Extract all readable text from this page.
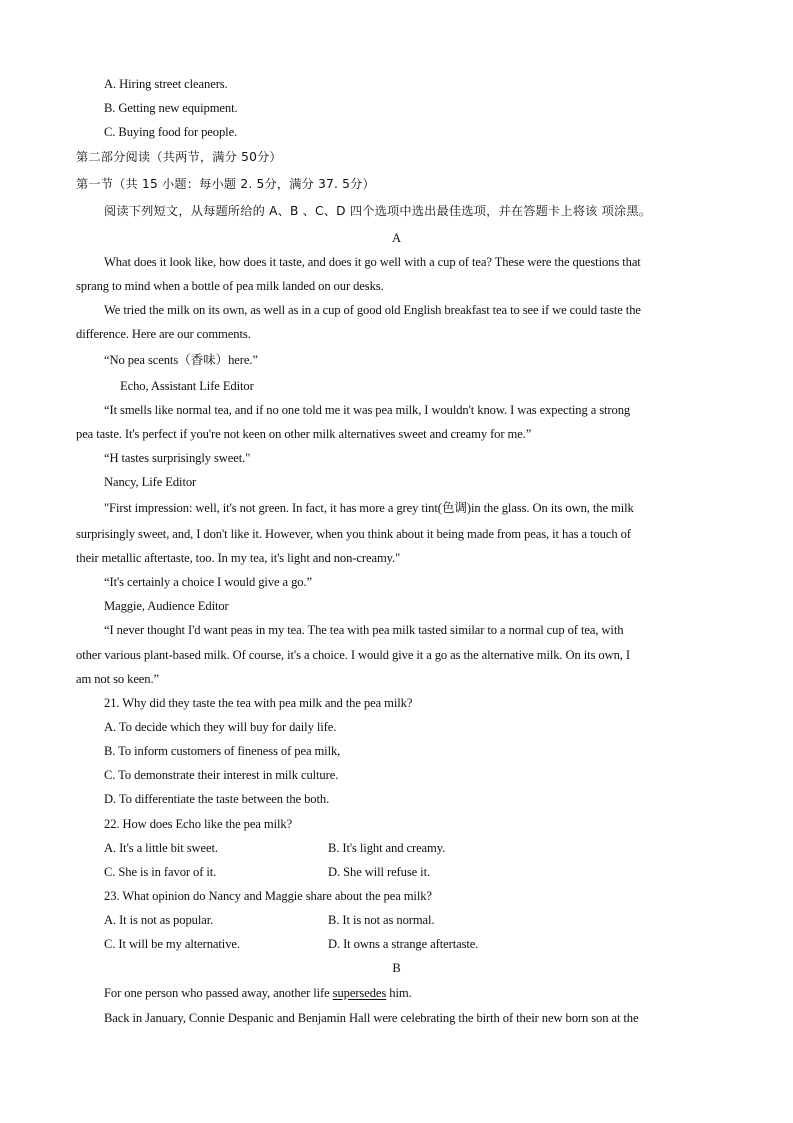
A. Hiring street cleaners.
B. Getting new equipment.
C. Buying food for people.
第二部分阅读（共两节，满分 50分）
第一节（共 15 小题：每小题 2. 5分，满分 37. 5分）
阅读下列短文，从每题所给的 A、B 、C、D 四个选项中选出最佳选项，并在答题卡上将该 项涂黑。
A
What does it look like, how does it taste, and does it go well with a cup of tea? These were the questions that
sprang to mind when a bottle of pea milk landed on our desks.
We tried the milk on its own, as well as in a cup of good old English breakfast tea to see if we could taste the
difference. Here are our comments.
“No pea scents（香味）here.”
Echo, Assistant Life Editor
“It smells like normal tea, and if no one told me it was pea milk, I wouldn't know. I was expecting a strong
pea taste. It's perfect if you're not keen on other milk alternatives sweet and creamy for me.”
“H tastes surprisingly sweet."
Nancy, Life Editor
"First impression: well, it's not green. In fact, it has more a grey tint(色调)in the glass. On its own, the milk
surprisingly sweet, and, I don't like it. However, when you think about it being made from peas, it has a touch of
their metallic aftertaste, too. In my tea, it's light and non-creamy."
“It's certainly a choice I would give a go.”
Maggie, Audience Editor
“I never thought I'd want peas in my tea. The tea with pea milk tasted similar to a normal cup of tea, with
other various plant-based milk. Of course, it's a choice. I would give it a go as the alternative milk. On its own, I
am not so keen.”
21. Why did they taste the tea with pea milk and the pea milk?
A. To decide which they will buy for daily life.
B. To inform customers of fineness of pea milk,
C. To demonstrate their interest in milk culture.
D. To differentiate the taste between the both.
22. How does Echo like the pea milk?
A. It's a little bit sweet.	B. It's light and creamy.
C. She is in favor of it.	D. She will refuse it.
23. What opinion do Nancy and Maggie share about the pea milk?
A. It is not as popular.	B. It is not as normal.
C. It will be my alternative.	D. It owns a strange aftertaste.
B
For one person who passed away, another life supersedes him.
Back in January, Connie Despanic and Benjamin Hall were celebrating the birth of their new born son at the
